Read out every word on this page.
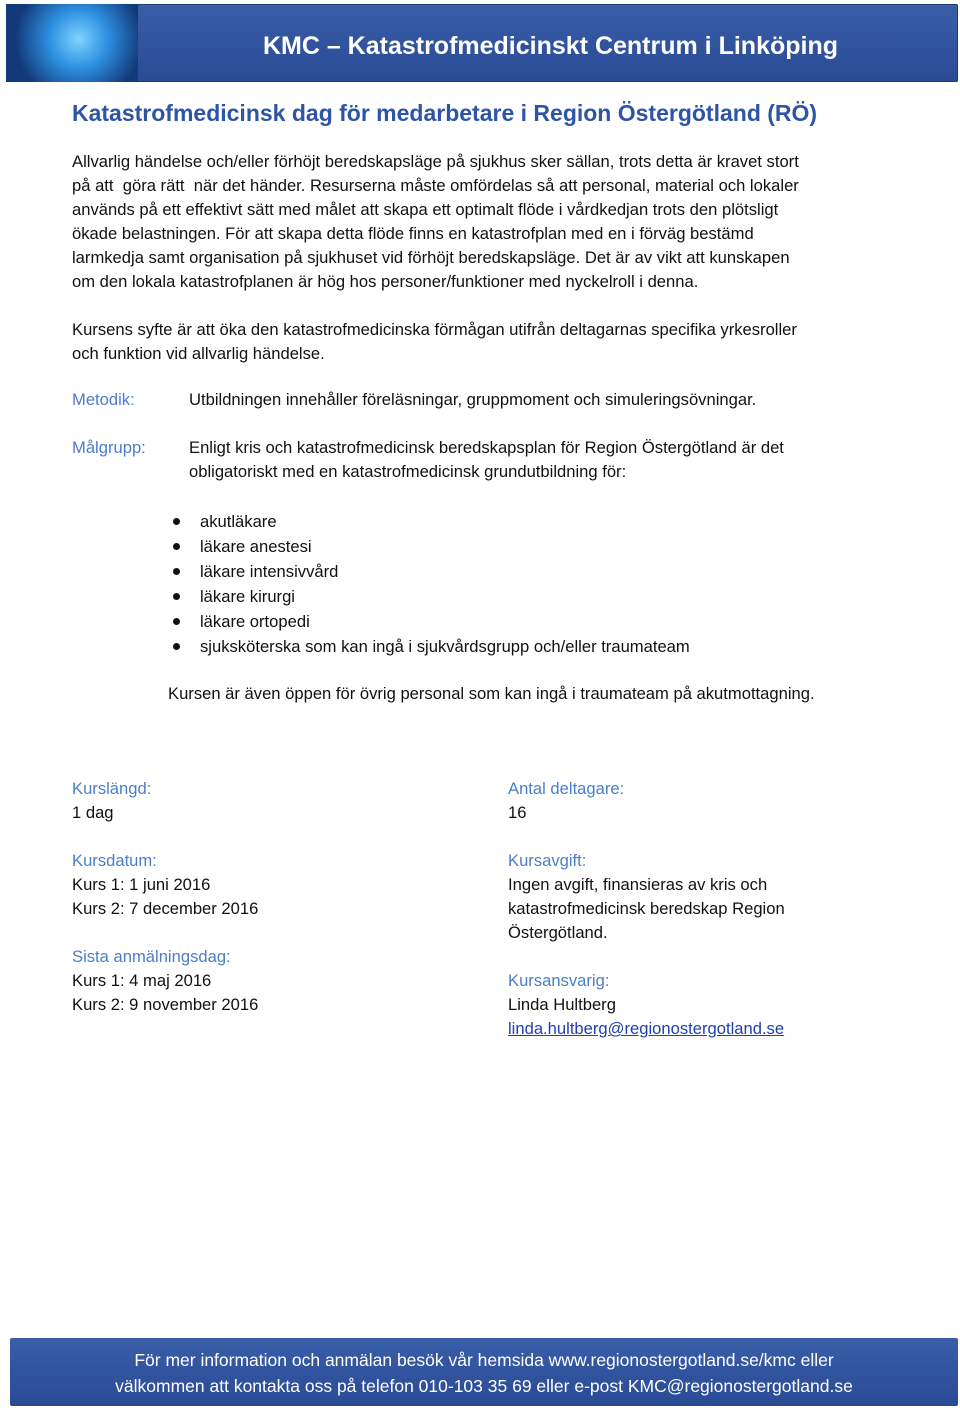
KMC – Katastrofmedicinskt Centrum i Linköping
Katastrofmedicinsk dag för medarbetare i Region Östergötland (RÖ)
Allvarlig händelse och/eller förhöjt beredskapsläge på sjukhus sker sällan, trots detta är kravet stort
på att  göra rätt  när det händer. Resurserna måste omfördelas så att personal, material och lokaler
används på ett effektivt sätt med målet att skapa ett optimalt flöde i vårdkedjan trots den plötsligt
ökade belastningen. För att skapa detta flöde finns en katastrofplan med en i förväg bestämd
larmkedja samt organisation på sjukhuset vid förhöjt beredskapsläge. Det är av vikt att kunskapen
om den lokala katastrofplanen är hög hos personer/funktioner med nyckelroll i denna.
Kursens syfte är att öka den katastrofmedicinska förmågan utifrån deltagarnas specifika yrkesroller
och funktion vid allvarlig händelse.
Metodik:	Utbildningen innehåller föreläsningar, gruppmoment och simuleringsövningar.
Målgrupp:	Enligt kris och katastrofmedicinsk beredskapsplan för Region Östergötland är det
obligatoriskt med en katastrofmedicinsk grundutbildning för:
akutläkare
läkare anestesi
läkare intensivvård
läkare kirurgi
läkare ortopedi
sjuksköterska som kan ingå i sjukvårdsgrupp och/eller traumateam
Kursen är även öppen för övrig personal som kan ingå i traumateam på akutmottagning.
Kurslängd:
1 dag
Kursdatum:
Kurs 1: 1 juni 2016
Kurs 2: 7 december 2016
Sista anmälningsdag:
Kurs 1: 4 maj 2016
Kurs 2: 9 november 2016
Antal deltagare:
16
Kursavgift:
Ingen avgift, finansieras av kris och
katastrofmedicinsk beredskap Region
Östergötland.
Kursansvarig:
Linda Hultberg
linda.hultberg@regionostergotland.se
För mer information och anmälan besök vår hemsida www.regionostergotland.se/kmc eller
välkommen att kontakta oss på telefon 010-103 35 69 eller e-post KMC@regionostergotland.se
